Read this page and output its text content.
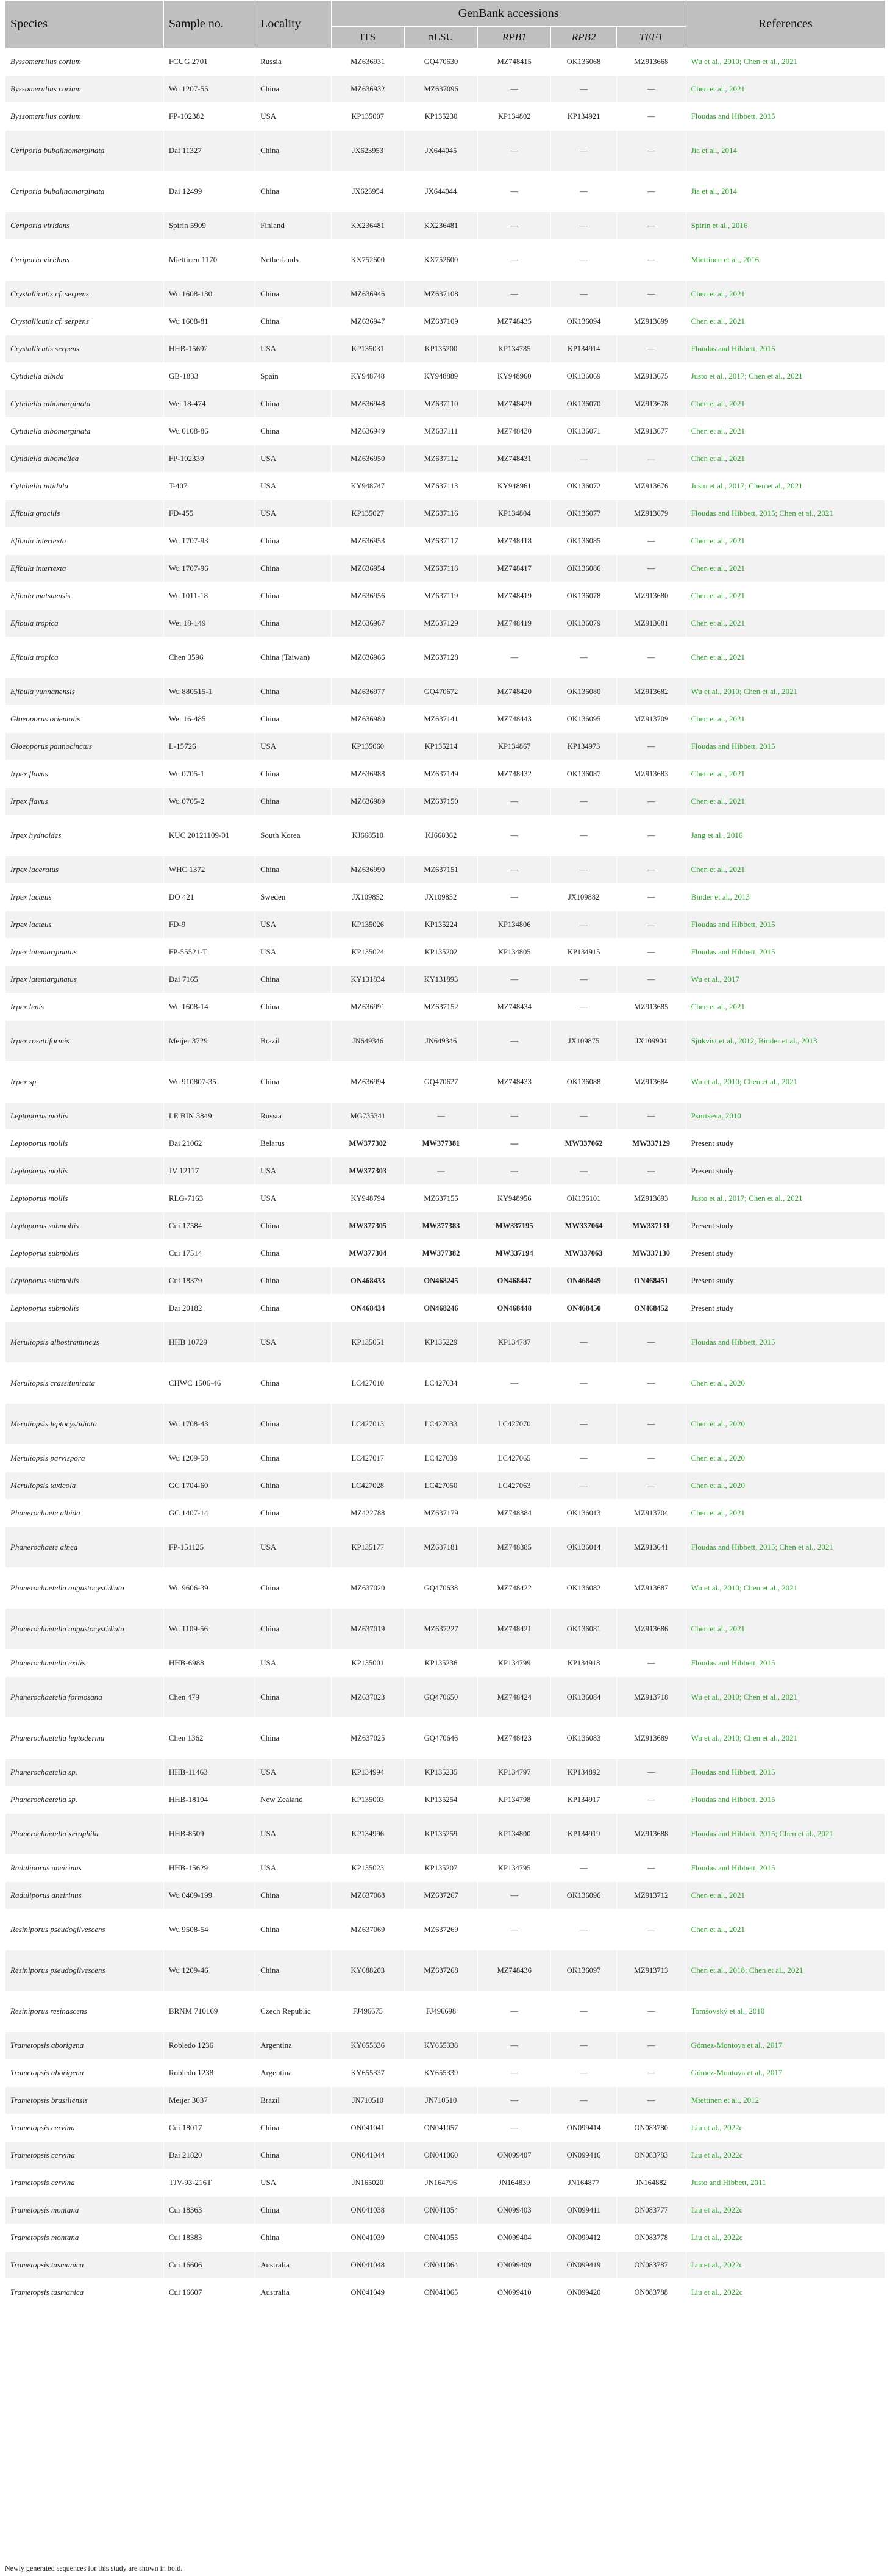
Species	Sample no.	Locality	GenBank accessions					References
			ITS	nLSU	RPB1	RPB2	TEF1	
Byssomerulius corium	FCUG 2701	Russia	MZ636931	GQ470630	MZ748415	OK136068	MZ913668	Wu et al., 2010; Chen et al., 2021
Byssomerulius corium	Wu 1207-55	China	MZ636932	MZ637096	—	—	—	Chen et al., 2021
Byssomerulius corium	FP-102382	USA	KP135007	KP135230	KP134802	KP134921	—	Floudas and Hibbett, 2015
Ceriporia bubalinomarginata	Dai 11327	China	JX623953	JX644045	—	—	—	Jia et al., 2014
Ceriporia bubalinomarginata	Dai 12499	China	JX623954	JX644044	—	—	—	Jia et al., 2014
Ceriporia viridans	Spirin 5909	Finland	KX236481	KX236481	—	—	—	Spirin et al., 2016
Ceriporia viridans	Miettinen 1170	Netherlands	KX752600	KX752600	—	—	—	Miettinen et al., 2016
Crystallicutis cf. serpens	Wu 1608-130	China	MZ636946	MZ637108	—	—	—	Chen et al., 2021
Crystallicutis cf. serpens	Wu 1608-81	China	MZ636947	MZ637109	MZ748435	OK136094	MZ913699	Chen et al., 2021
Crystallicutis serpens	HHB-15692	USA	KP135031	KP135200	KP134785	KP134914	—	Floudas and Hibbett, 2015
Cytidiella albida	GB-1833	Spain	KY948748	KY948889	KY948960	OK136069	MZ913675	Justo et al., 2017; Chen et al., 2021
Cytidiella albomarginata	Wei 18-474	China	MZ636948	MZ637110	MZ748429	OK136070	MZ913678	Chen et al., 2021
Cytidiella albomarginata	Wu 0108-86	China	MZ636949	MZ637111	MZ748430	OK136071	MZ913677	Chen et al., 2021
Cytidiella albomellea	FP-102339	USA	MZ636950	MZ637112	MZ748431	—	—	Chen et al., 2021
Cytidiella nitidula	T-407	USA	KY948747	MZ637113	KY948961	OK136072	MZ913676	Justo et al., 2017; Chen et al., 2021
Efibula gracilis	FD-455	USA	KP135027	MZ637116	KP134804	OK136077	MZ913679	Floudas and Hibbett, 2015; Chen et al., 2021
Efibula intertexta	Wu 1707-93	China	MZ636953	MZ637117	MZ748418	OK136085	—	Chen et al., 2021
Efibula intertexta	Wu 1707-96	China	MZ636954	MZ637118	MZ748417	OK136086	—	Chen et al., 2021
Efibula matsuensis	Wu 1011-18	China	MZ636956	MZ637119	MZ748419	OK136078	MZ913680	Chen et al., 2021
Efibula tropica	Wei 18-149	China	MZ636967	MZ637129	MZ748419	OK136079	MZ913681	Chen et al., 2021
Efibula tropica	Chen 3596	China (Taiwan)	MZ636966	MZ637128	—	—	—	Chen et al., 2021
Efibula yunnanensis	Wu 880515-1	China	MZ636977	GQ470672	MZ748420	OK136080	MZ913682	Wu et al., 2010; Chen et al., 2021
Gloeoporus orientalis	Wei 16-485	China	MZ636980	MZ637141	MZ748443	OK136095	MZ913709	Chen et al., 2021
Gloeoporus pannocinctus	L-15726	USA	KP135060	KP135214	KP134867	KP134973	—	Floudas and Hibbett, 2015
Irpex flavus	Wu 0705-1	China	MZ636988	MZ637149	MZ748432	OK136087	MZ913683	Chen et al., 2021
Irpex flavus	Wu 0705-2	China	MZ636989	MZ637150	—	—	—	Chen et al., 2021
Irpex hydnoides	KUC 20121109-01	South Korea	KJ668510	KJ668362	—	—	—	Jang et al., 2016
Irpex laceratus	WHC 1372	China	MZ636990	MZ637151	—	—	—	Chen et al., 2021
Irpex lacteus	DO 421	Sweden	JX109852	JX109852	—	JX109882	—	Binder et al., 2013
Irpex lacteus	FD-9	USA	KP135026	KP135224	KP134806	—	—	Floudas and Hibbett, 2015
Irpex latemarginatus	FP-55521-T	USA	KP135024	KP135202	KP134805	KP134915	—	Floudas and Hibbett, 2015
Irpex latemarginatus	Dai 7165	China	KY131834	KY131893	—	—	—	Wu et al., 2017
Irpex lenis	Wu 1608-14	China	MZ636991	MZ637152	MZ748434	—	MZ913685	Chen et al., 2021
Irpex rosettiformis	Meijer 3729	Brazil	JN649346	JN649346	—	JX109875	JX109904	Sjökvist et al., 2012; Binder et al., 2013
Irpex sp.	Wu 910807-35	China	MZ636994	GQ470627	MZ748433	OK136088	MZ913684	Wu et al., 2010; Chen et al., 2021
Leptoporus mollis	LE BIN 3849	Russia	MG735341	—	—	—	—	Psurtseva, 2010
Leptoporus mollis	Dai 21062	Belarus	MW377302	MW377381	—	MW337062	MW337129	Present study
Leptoporus mollis	JV 12117	USA	MW377303	—	—	—	—	Present study
Leptoporus mollis	RLG-7163	USA	KY948794	MZ637155	KY948956	OK136101	MZ913693	Justo et al., 2017; Chen et al., 2021
Leptoporus submollis	Cui 17584	China	MW377305	MW377383	MW337195	MW337064	MW337131	Present study
Leptoporus submollis	Cui 17514	China	MW377304	MW377382	MW337194	MW337063	MW337130	Present study
Leptoporus submollis	Cui 18379	China	ON468433	ON468245	ON468447	ON468449	ON468451	Present study
Leptoporus submollis	Dai 20182	China	ON468434	ON468246	ON468448	ON468450	ON468452	Present study
Meruliopsis albostramineus	HHB 10729	USA	KP135051	KP135229	KP134787	—	—	Floudas and Hibbett, 2015
Meruliopsis crassitunicata	CHWC 1506-46	China	LC427010	LC427034	—	—	—	Chen et al., 2020
Meruliopsis leptocystidiata	Wu 1708-43	China	LC427013	LC427033	LC427070	—	—	Chen et al., 2020
Meruliopsis parvispora	Wu 1209-58	China	LC427017	LC427039	LC427065	—	—	Chen et al., 2020
Meruliopsis taxicola	GC 1704-60	China	LC427028	LC427050	LC427063	—	—	Chen et al., 2020
Phanerochaete albida	GC 1407-14	China	MZ422788	MZ637179	MZ748384	OK136013	MZ913704	Chen et al., 2021
Phanerochaete alnea	FP-151125	USA	KP135177	MZ637181	MZ748385	OK136014	MZ913641	Floudas and Hibbett, 2015; Chen et al., 2021
Phanerochaetella angustocystidiata	Wu 9606-39	China	MZ637020	GQ470638	MZ748422	OK136082	MZ913687	Wu et al., 2010; Chen et al., 2021
Phanerochaetella angustocystidiata	Wu 1109-56	China	MZ637019	MZ637227	MZ748421	OK136081	MZ913686	Chen et al., 2021
Phanerochaetella exilis	HHB-6988	USA	KP135001	KP135236	KP134799	KP134918	—	Floudas and Hibbett, 2015
Phanerochaetella formosana	Chen 479	China	MZ637023	GQ470650	MZ748424	OK136084	MZ913718	Wu et al., 2010; Chen et al., 2021
Phanerochaetella leptoderma	Chen 1362	China	MZ637025	GQ470646	MZ748423	OK136083	MZ913689	Wu et al., 2010; Chen et al., 2021
Phanerochaetella sp.	HHB-11463	USA	KP134994	KP135235	KP134797	KP134892	—	Floudas and Hibbett, 2015
Phanerochaetella sp.	HHB-18104	New Zealand	KP135003	KP135254	KP134798	KP134917	—	Floudas and Hibbett, 2015
Phanerochaetella xerophila	HHB-8509	USA	KP134996	KP135259	KP134800	KP134919	MZ913688	Floudas and Hibbett, 2015; Chen et al., 2021
Raduliporus aneirinus	HHB-15629	USA	KP135023	KP135207	KP134795	—	—	Floudas and Hibbett, 2015
Raduliporus aneirinus	Wu 0409-199	China	MZ637068	MZ637267	—	OK136096	MZ913712	Chen et al., 2021
Resiniporus pseudogilvescens	Wu 9508-54	China	MZ637069	MZ637269	—	—	—	Chen et al., 2021
Resiniporus pseudogilvescens	Wu 1209-46	China	KY688203	MZ637268	MZ748436	OK136097	MZ913713	Chen et al., 2018; Chen et al., 2021
Resiniporus resinascens	BRNM 710169	Czech Republic	FJ496675	FJ496698	—	—	—	Tomšovský et al., 2010
Trametopsis aborigena	Robledo 1236	Argentina	KY655336	KY655338	—	—	—	Gómez-Montoya et al., 2017
Trametopsis aborigena	Robledo 1238	Argentina	KY655337	KY655339	—	—	—	Gómez-Montoya et al., 2017
Trametopsis brasiliensis	Meijer 3637	Brazil	JN710510	JN710510	—	—	—	Miettinen et al., 2012
Trametopsis cervina	Cui 18017	China	ON041041	ON041057	—	ON099414	ON083780	Liu et al., 2022c
Trametopsis cervina	Dai 21820	China	ON041044	ON041060	ON099407	ON099416	ON083783	Liu et al., 2022c
Trametopsis cervina	TJV-93-216T	USA	JN165020	JN164796	JN164839	JN164877	JN164882	Justo and Hibbett, 2011
Trametopsis montana	Cui 18363	China	ON041038	ON041054	ON099403	ON099411	ON083777	Liu et al., 2022c
Trametopsis montana	Cui 18383	China	ON041039	ON041055	ON099404	ON099412	ON083778	Liu et al., 2022c
Trametopsis tasmanica	Cui 16606	Australia	ON041048	ON041064	ON099409	ON099419	ON083787	Liu et al., 2022c
Trametopsis tasmanica	Cui 16607	Australia	ON041049	ON041065	ON099410	ON099420	ON083788	Liu et al., 2022c
Newly generated sequences for this study are shown in bold.
